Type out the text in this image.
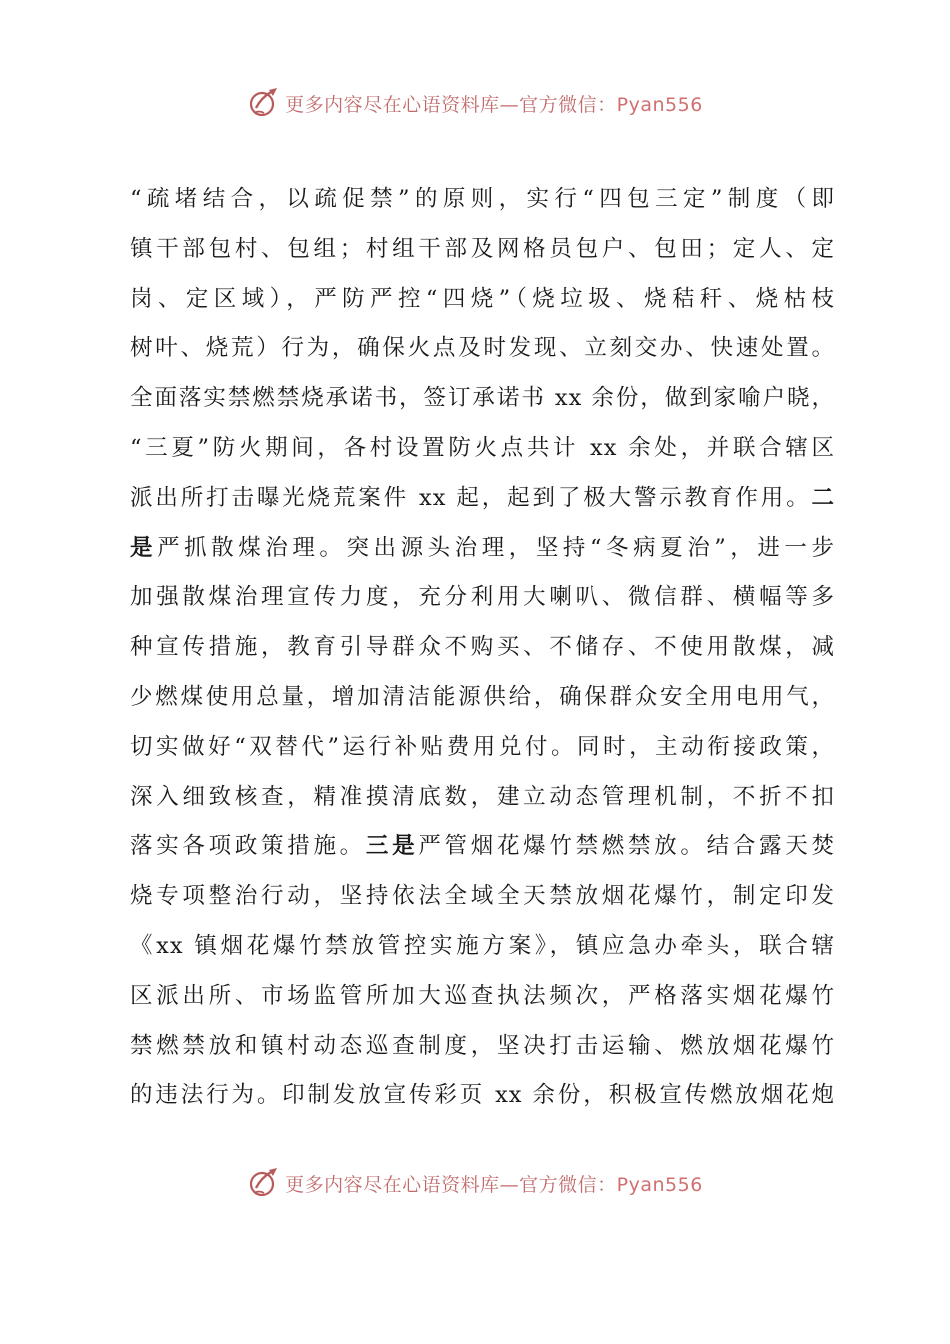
更多内容尽在心语资料库—官方微信：Pyan556
“疏堵结合，以疏促禁”的原则，实行“四包三定”制度（即
镇干部包村、包组；村组干部及网格员包户、包田；定人、定
岗、定区域），严防严控“四烧”（烧垃圾、烧秸秆、烧枯枝
树叶、烧荒）行为，确保火点及时发现、立刻交办、快速处置。
全面落实禁燃禁烧承诺书，签订承诺书 xx 余份，做到家喻户晓，
“三夏”防火期间，各村设置防火点共计 xx 余处，并联合辖区
派出所打击曝光烧荒案件 xx 起，起到了极大警示教育作用。二
是严抓散煤治理。突出源头治理，坚持“冬病夏治”，进一步
加强散煤治理宣传力度，充分利用大喇叭、微信群、横幅等多
种宣传措施，教育引导群众不购买、不储存、不使用散煤，减
少燃煤使用总量，增加清洁能源供给，确保群众安全用电用气，
切实做好“双替代”运行补贴费用兑付。同时，主动衔接政策，
深入细致核查，精准摸清底数，建立动态管理机制，不折不扣
落实各项政策措施。三是严管烟花爆竹禁燃禁放。结合露天焚
烧专项整治行动，坚持依法全域全天禁放烟花爆竹，制定印发
《xx 镇烟花爆竹禁放管控实施方案》，镇应急办牵头，联合辖
区派出所、市场监管所加大巡查执法频次，严格落实烟花爆竹
禁燃禁放和镇村动态巡查制度，坚决打击运输、燃放烟花爆竹
的违法行为。印制发放宣传彩页 xx 余份，积极宣传燃放烟花炮
更多内容尽在心语资料库—官方微信：Pyan556
